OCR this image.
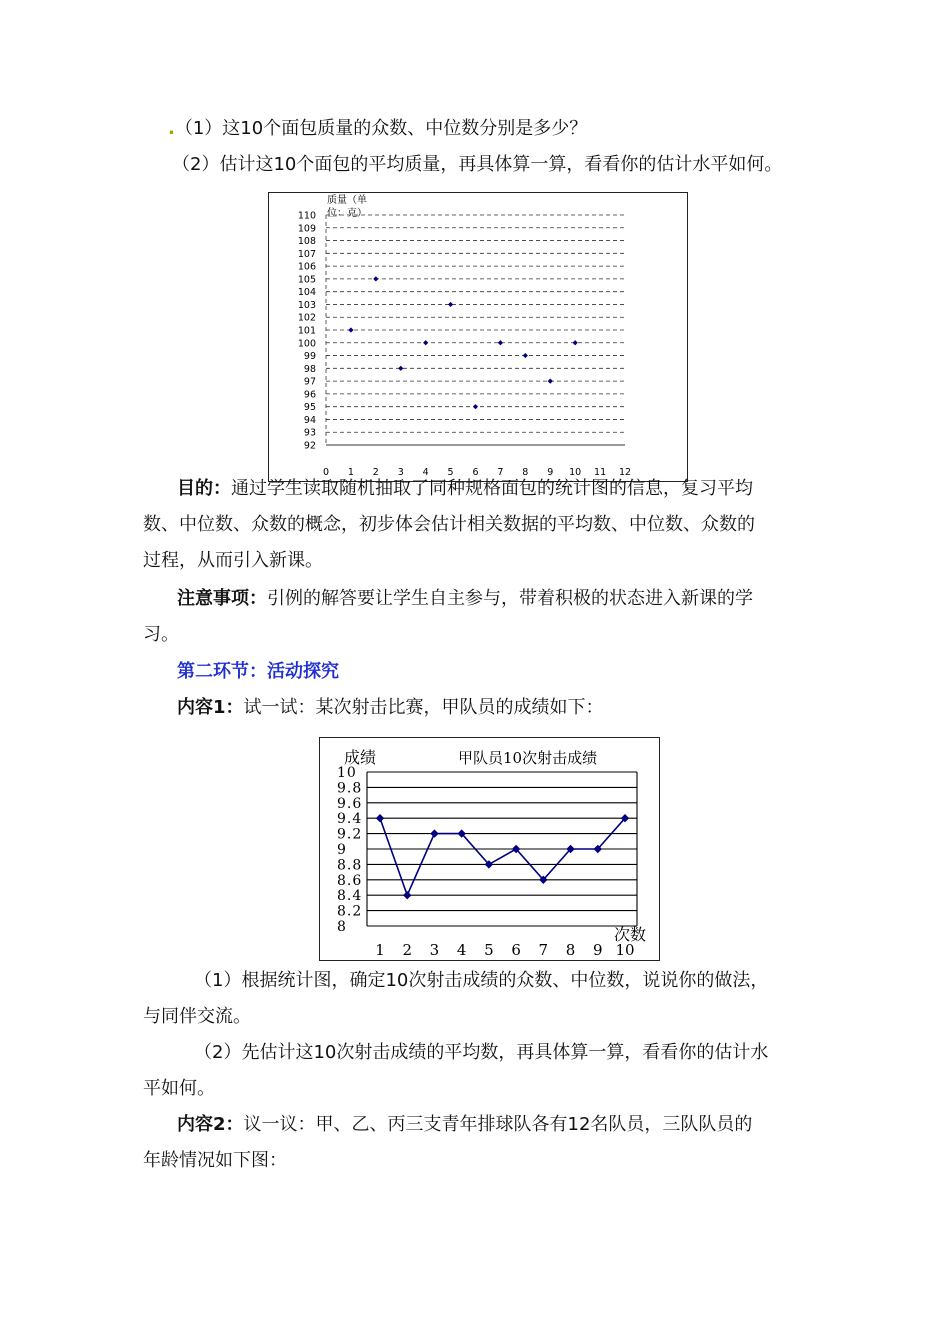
.（1）这10个面包质量的众数、中位数分别是多少？
（2）估计这10个面包的平均质量，再具体算一算，看看你的估计水平如何。
质量（单
位：克）
92
93
94
95
96
97
98
99
100
101
102
103
104
105
106
107
108
109
110
0 1 2 3 4 5 6 7 8 9 10 11 12
目的：通过学生读取随机抽取了同种规格面包的统计图的信息，复习平均
数、中位数、众数的概念，初步体会估计相关数据的平均数、中位数、众数的
过程，从而引入新课。
注意事项：引例的解答要让学生自主参与，带着积极的状态进入新课的学
习。
第二环节：活动探究
内容1：试一试：某次射击比赛，甲队员的成绩如下：
成绩	甲队员10次射击成绩
8
8.2
8.4
8.6
8.8
9
9.2
9.4
9.6
9.8
10
1 2 3 4 5 6 7 8 9 10
次数
（1）根据统计图，确定10次射击成绩的众数、中位数，说说你的做法，
与同伴交流。
（2）先估计这10次射击成绩的平均数，再具体算一算，看看你的估计水
平如何。
内容2：议一议：甲、乙、丙三支青年排球队各有12名队员，三队队员的
年龄情况如下图：
